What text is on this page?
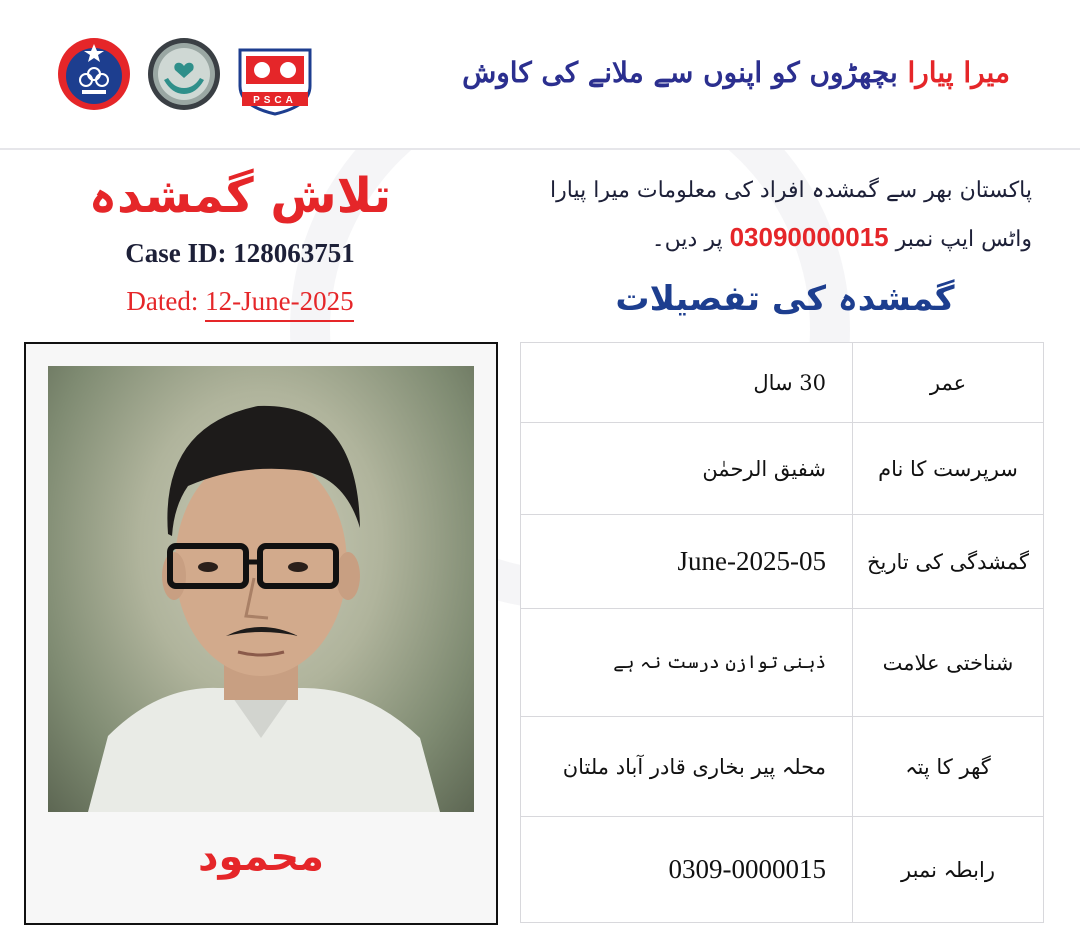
PSCA
میرا پیارا بچھڑوں کو اپنوں سے ملانے کی کاوش
تلاش گمشدہ
Case ID: 128063751
Dated: 12-June-2025
پاکستان بھر سے گمشدہ افراد کی معلومات میرا پیارا
واٹس ایپ نمبر 03090000015 پر دیں۔
گمشدہ کی تفصیلات
محمود
عمر	30 سال
سرپرست کا نام	شفیق الرحمٰن
گمشدگی کی تاریخ	05-June-2025
شناختی علامت	ذہنی توازن درست نہ ہے
گھر کا پتہ	محلہ پیر بخاری قادر آباد ملتان
رابطہ نمبر	0309-0000015
